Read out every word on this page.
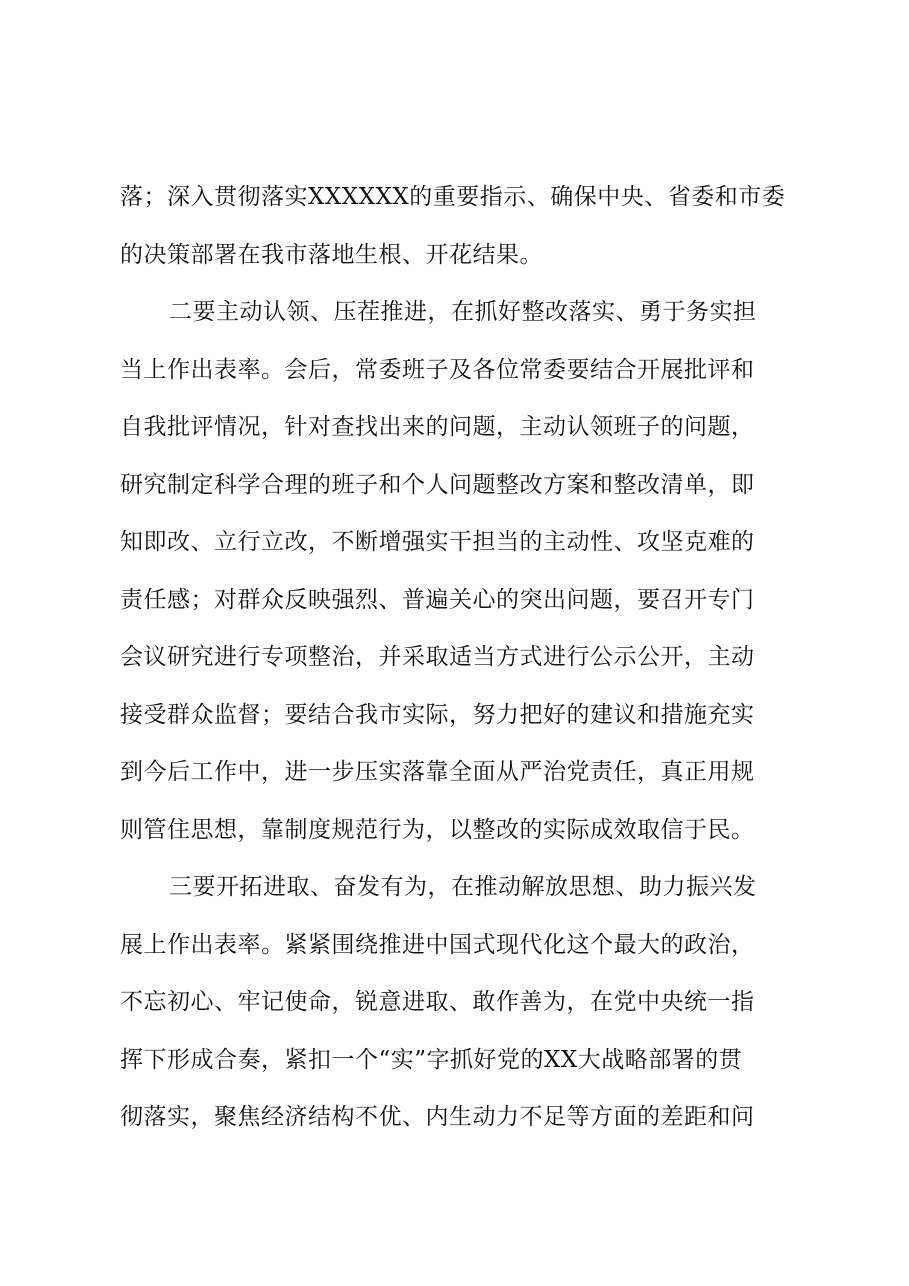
落；深入贯彻落实XXXXXX的重要指示、确保中央、省委和市委
的决策部署在我市落地生根、开花结果。
二要主动认领、压茬推进，在抓好整改落实、勇于务实担
当上作出表率。会后，常委班子及各位常委要结合开展批评和
自我批评情况，针对查找出来的问题，主动认领班子的问题，
研究制定科学合理的班子和个人问题整改方案和整改清单，即
知即改、立行立改，不断增强实干担当的主动性、攻坚克难的
责任感；对群众反映强烈、普遍关心的突出问题，要召开专门
会议研究进行专项整治，并采取适当方式进行公示公开，主动
接受群众监督；要结合我市实际，努力把好的建议和措施充实
到今后工作中，进一步压实落靠全面从严治党责任，真正用规
则管住思想，靠制度规范行为，以整改的实际成效取信于民。
三要开拓进取、奋发有为，在推动解放思想、助力振兴发
展上作出表率。紧紧围绕推进中国式现代化这个最大的政治，
不忘初心、牢记使命，锐意进取、敢作善为，在党中央统一指
挥下形成合奏，紧扣一个“实”字抓好党的XX大战略部署的贯
彻落实，聚焦经济结构不优、内生动力不足等方面的差距和问
